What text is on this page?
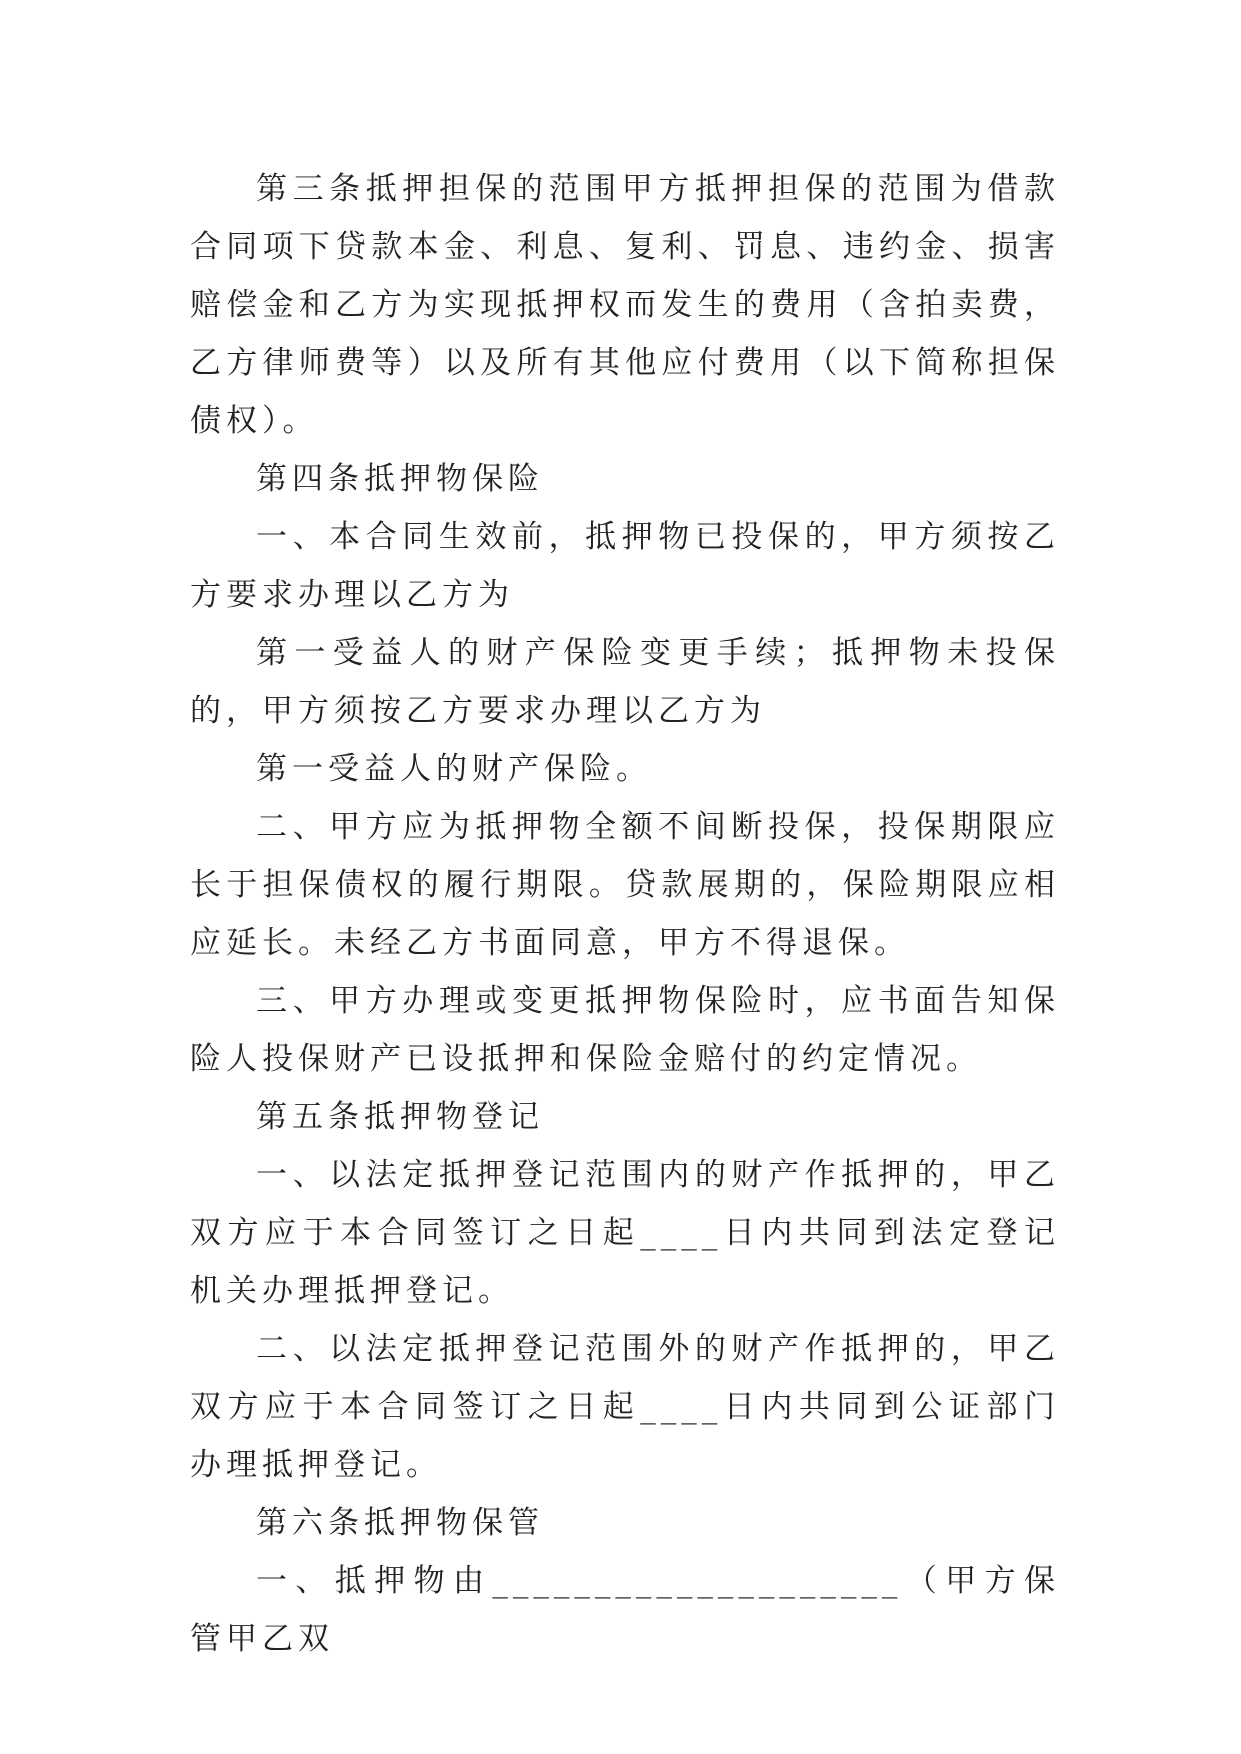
第三条抵押担保的范围甲方抵押担保的范围为借款合同项下贷款本金、利息、复利、罚息、违约金、损害赔偿金和乙方为实现抵押权而发生的费用（含拍卖费，乙方律师费等）以及所有其他应付费用（以下简称担保债权）。

第四条抵押物保险

一、本合同生效前，抵押物已投保的，甲方须按乙方要求办理以乙方为

第一受益人的财产保险变更手续；抵押物未投保的，甲方须按乙方要求办理以乙方为

第一受益人的财产保险。

二、甲方应为抵押物全额不间断投保，投保期限应长于担保债权的履行期限。贷款展期的，保险期限应相应延长。未经乙方书面同意，甲方不得退保。

三、甲方办理或变更抵押物保险时，应书面告知保险人投保财产已设抵押和保险金赔付的约定情况。

第五条抵押物登记

一、以法定抵押登记范围内的财产作抵押的，甲乙双方应于本合同签订之日起____日内共同到法定登记机关办理抵押登记。

二、以法定抵押登记范围外的财产作抵押的，甲乙双方应于本合同签订之日起____日内共同到公证部门办理抵押登记。

第六条抵押物保管

一、抵押物由____________________（甲方保管甲乙双
